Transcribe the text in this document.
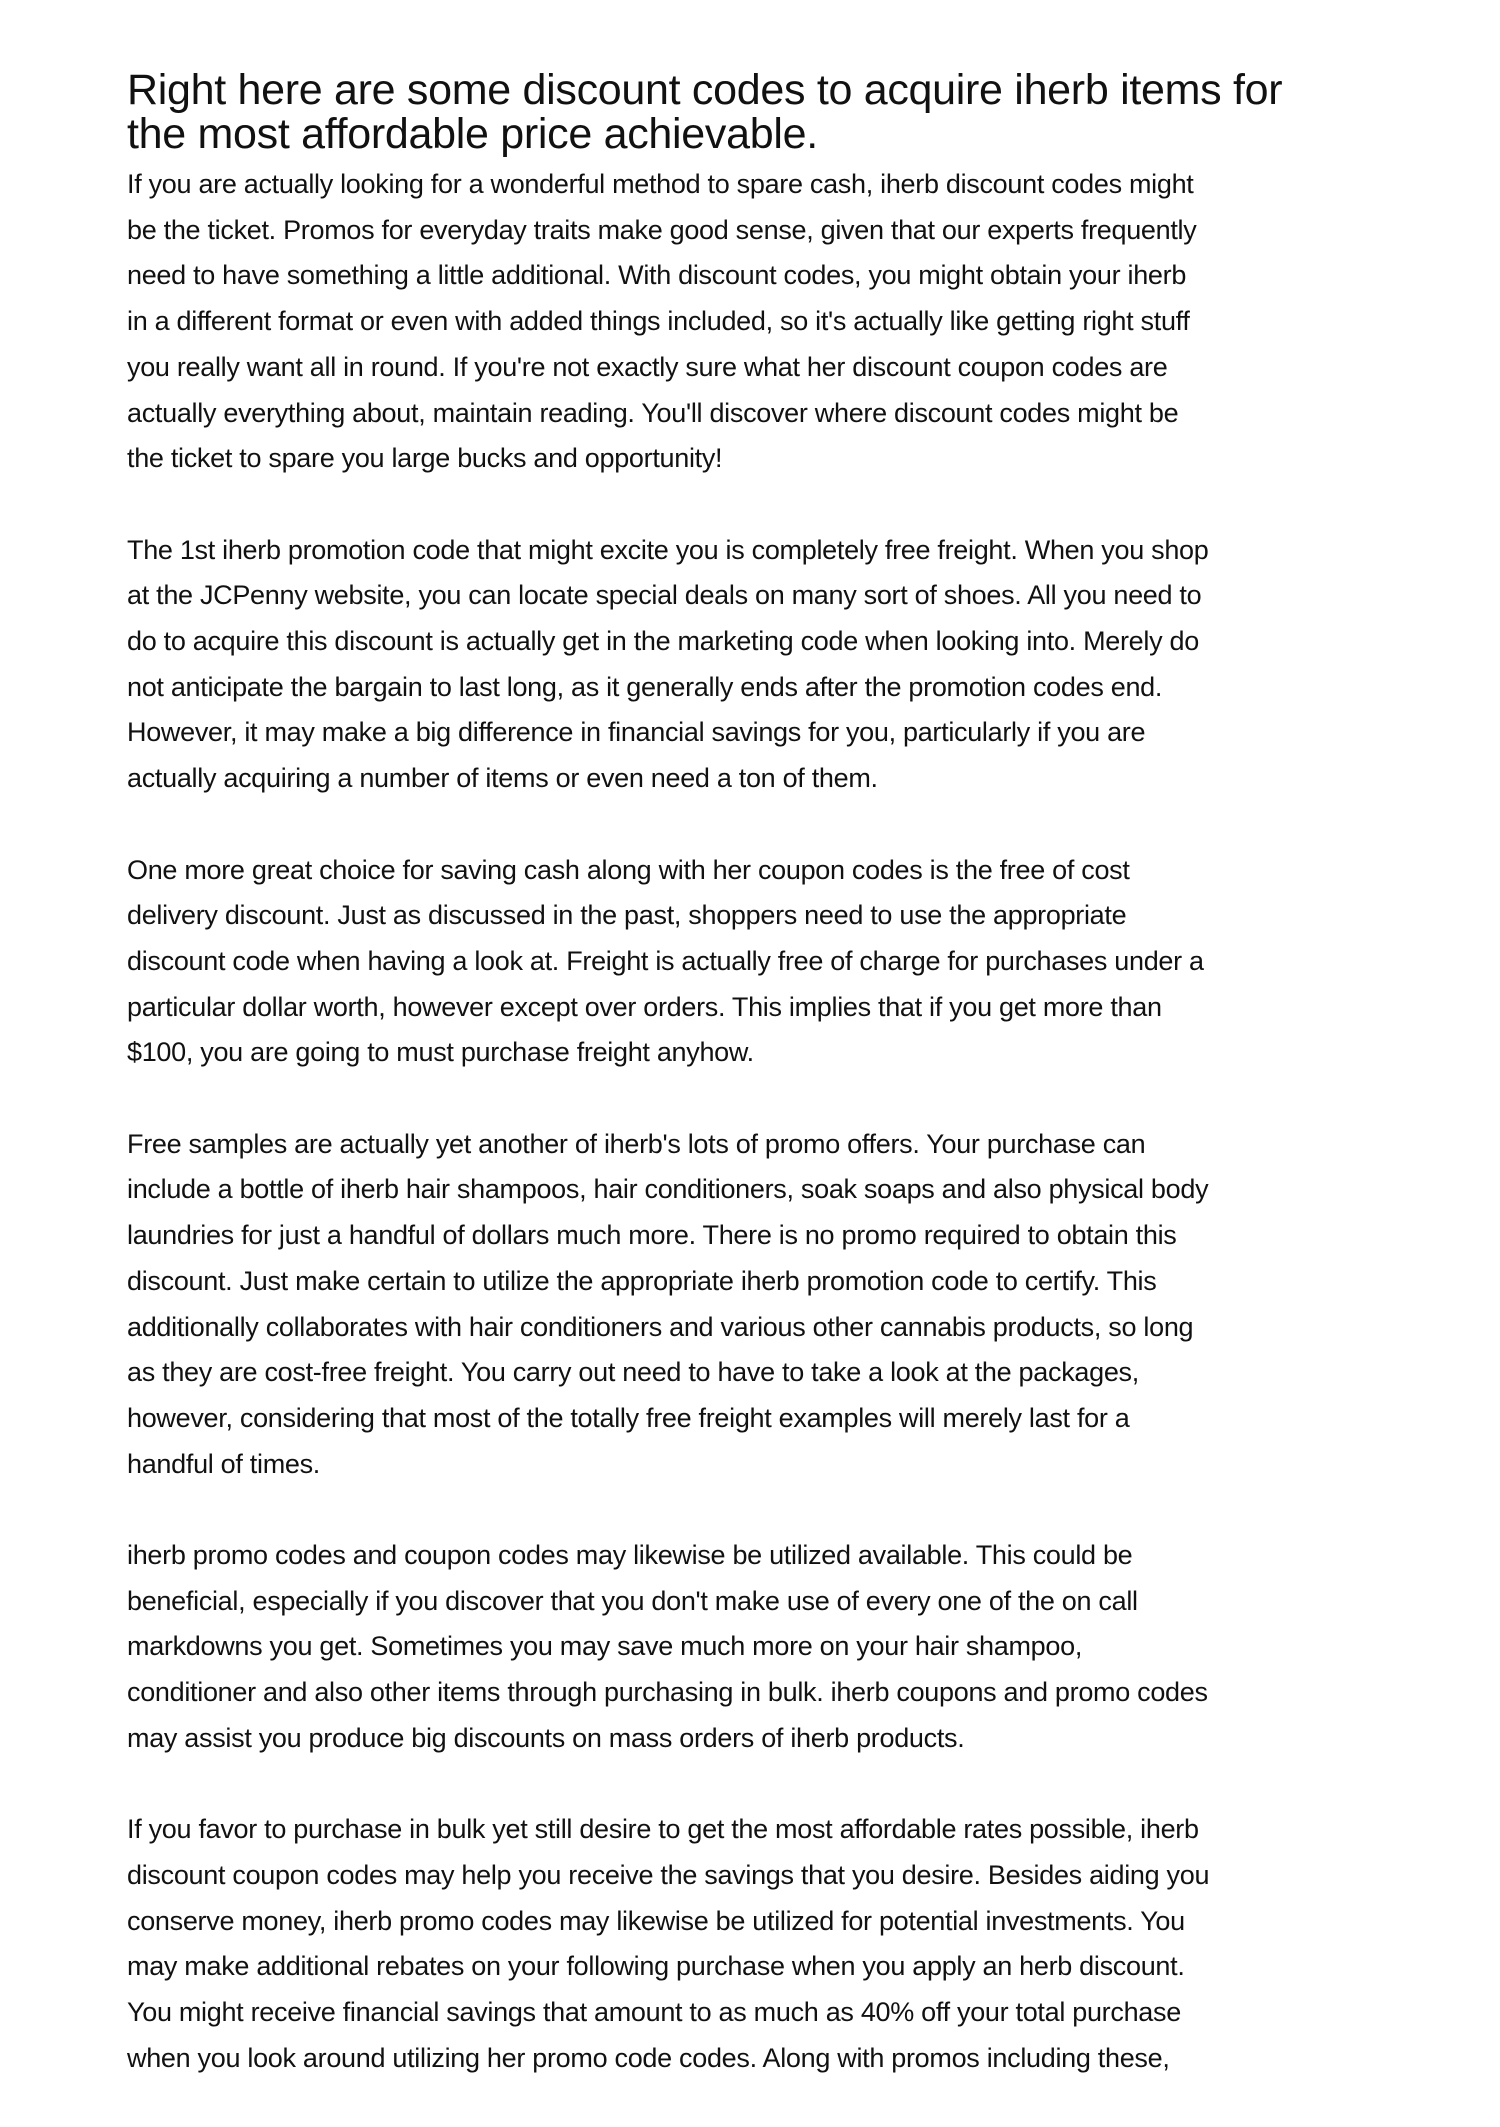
Right here are some discount codes to acquire iherb items for
the most affordable price achievable.
If you are actually looking for a wonderful method to spare cash, iherb discount codes might
be the ticket. Promos for everyday traits make good sense, given that our experts frequently
need to have something a little additional. With discount codes, you might obtain your iherb
in a different format or even with added things included, so it's actually like getting right stuff
you really want all in round. If you're not exactly sure what her discount coupon codes are
actually everything about, maintain reading. You'll discover where discount codes might be
the ticket to spare you large bucks and opportunity!
The 1st iherb promotion code that might excite you is completely free freight. When you shop
at the JCPenny website, you can locate special deals on many sort of shoes. All you need to
do to acquire this discount is actually get in the marketing code when looking into. Merely do
not anticipate the bargain to last long, as it generally ends after the promotion codes end.
However, it may make a big difference in financial savings for you, particularly if you are
actually acquiring a number of items or even need a ton of them.
One more great choice for saving cash along with her coupon codes is the free of cost
delivery discount. Just as discussed in the past, shoppers need to use the appropriate
discount code when having a look at. Freight is actually free of charge for purchases under a
particular dollar worth, however except over orders. This implies that if you get more than
$100, you are going to must purchase freight anyhow.
Free samples are actually yet another of iherb's lots of promo offers. Your purchase can
include a bottle of iherb hair shampoos, hair conditioners, soak soaps and also physical body
laundries for just a handful of dollars much more. There is no promo required to obtain this
discount. Just make certain to utilize the appropriate iherb promotion code to certify. This
additionally collaborates with hair conditioners and various other cannabis products, so long
as they are cost-free freight. You carry out need to have to take a look at the packages,
however, considering that most of the totally free freight examples will merely last for a
handful of times.
iherb promo codes and coupon codes may likewise be utilized available. This could be
beneficial, especially if you discover that you don't make use of every one of the on call
markdowns you get. Sometimes you may save much more on your hair shampoo,
conditioner and also other items through purchasing in bulk. iherb coupons and promo codes
may assist you produce big discounts on mass orders of iherb products.
If you favor to purchase in bulk yet still desire to get the most affordable rates possible, iherb
discount coupon codes may help you receive the savings that you desire. Besides aiding you
conserve money, iherb promo codes may likewise be utilized for potential investments. You
may make additional rebates on your following purchase when you apply an herb discount.
You might receive financial savings that amount to as much as 40% off your total purchase
when you look around utilizing her promo code codes. Along with promos including these,
